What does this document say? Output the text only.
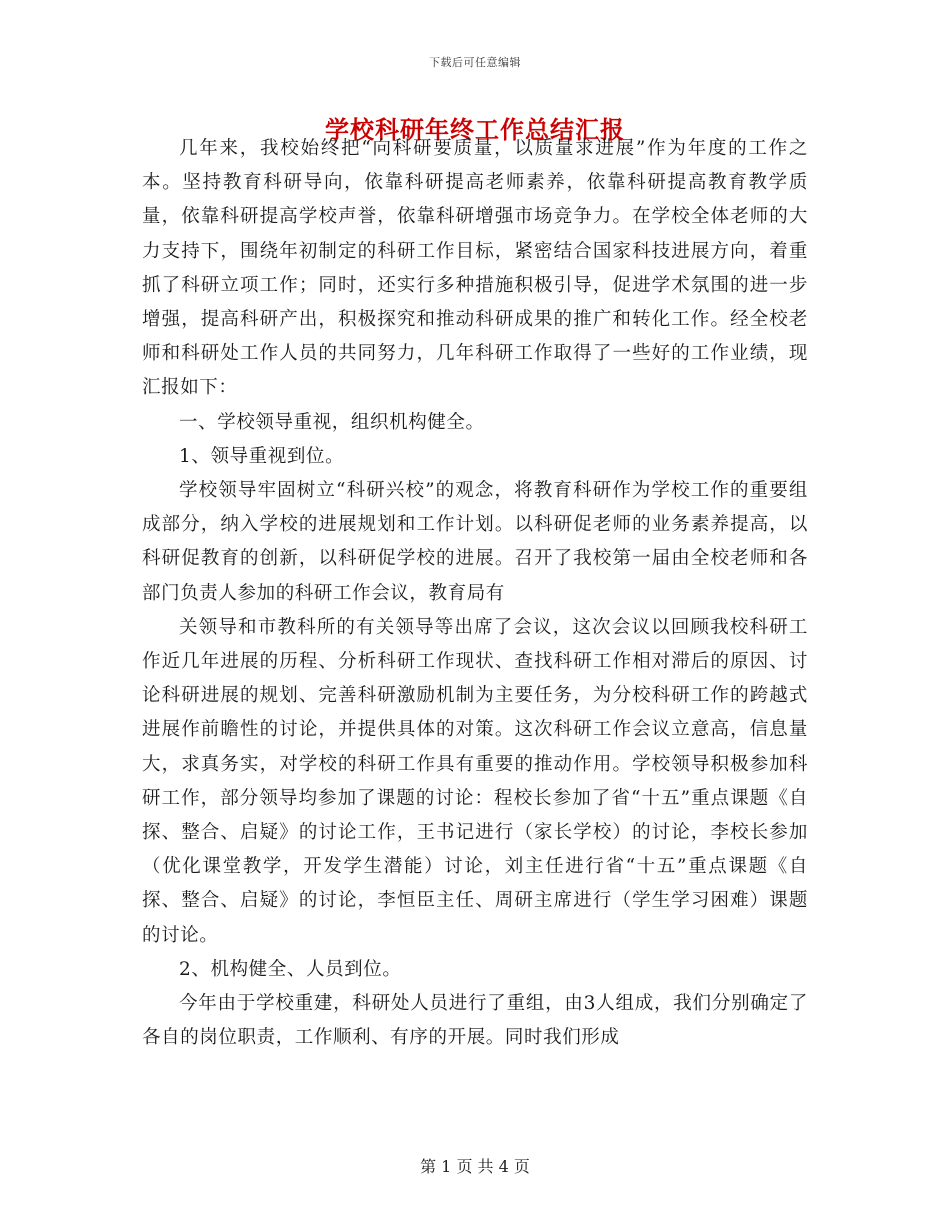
下载后可任意编辑
学校科研年终工作总结汇报

几年来，我校始终把“向科研要质量，以质量求进展”作为年度的工作之本。坚持教育科研导向，依靠科研提高老师素养，依靠科研提高教育教学质量，依靠科研提高学校声誉，依靠科研增强市场竞争力。在学校全体老师的大力支持下，围绕年初制定的科研工作目标，紧密结合国家科技进展方向，着重抓了科研立项工作；同时，还实行多种措施积极引导，促进学术氛围的进一步增强，提高科研产出，积极探究和推动科研成果的推广和转化工作。经全校老师和科研处工作人员的共同努力，几年科研工作取得了一些好的工作业绩，现汇报如下：

一、学校领导重视，组织机构健全。

1、领导重视到位。

学校领导牢固树立“科研兴校”的观念，将教育科研作为学校工作的重要组成部分，纳入学校的进展规划和工作计划。以科研促老师的业务素养提高，以科研促教育的创新，以科研促学校的进展。召开了我校第一届由全校老师和各部门负责人参加的科研工作会议，教育局有

关领导和市教科所的有关领导等出席了会议，这次会议以回顾我校科研工作近几年进展的历程、分析科研工作现状、查找科研工作相对滞后的原因、讨论科研进展的规划、完善科研激励机制为主要任务，为分校科研工作的跨越式进展作前瞻性的讨论，并提供具体的对策。这次科研工作会议立意高，信息量大，求真务实，对学校的科研工作具有重要的推动作用。学校领导积极参加科研工作，部分领导均参加了课题的讨论：程校长参加了省“十五”重点课题《自探、整合、启疑》的讨论工作，王书记进行（家长学校）的讨论，李校长参加（优化课堂教学，开发学生潜能）讨论，刘主任进行省“十五”重点课题《自探、整合、启疑》的讨论，李恒臣主任、周研主席进行（学生学习困难）课题的讨论。

2、机构健全、人员到位。

今年由于学校重建，科研处人员进行了重组，由3人组成，我们分别确定了各自的岗位职责，工作顺利、有序的开展。同时我们形成

第 1 页 共 4 页
